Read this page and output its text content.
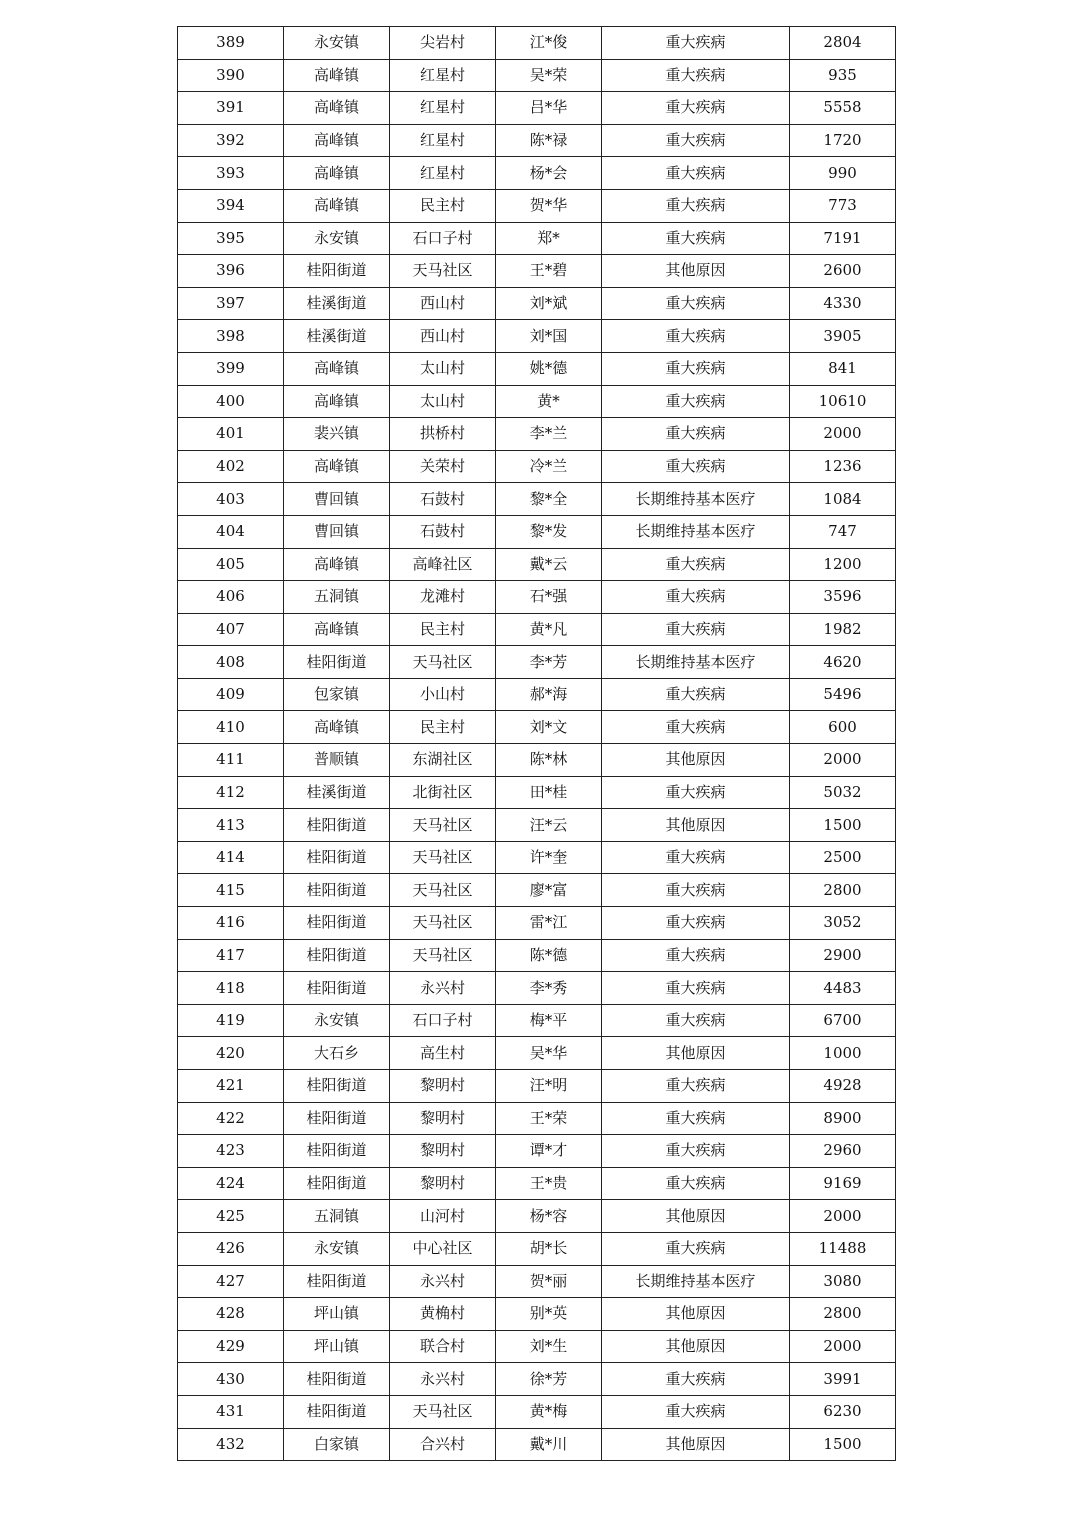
389	永安镇	尖岩村	江*俊	重大疾病	2804
390	高峰镇	红星村	吴*荣	重大疾病	935
391	高峰镇	红星村	吕*华	重大疾病	5558
392	高峰镇	红星村	陈*禄	重大疾病	1720
393	高峰镇	红星村	杨*会	重大疾病	990
394	高峰镇	民主村	贺*华	重大疾病	773
395	永安镇	石口子村	郑*	重大疾病	7191
396	桂阳街道	天马社区	王*碧	其他原因	2600
397	桂溪街道	西山村	刘*斌	重大疾病	4330
398	桂溪街道	西山村	刘*国	重大疾病	3905
399	高峰镇	太山村	姚*德	重大疾病	841
400	高峰镇	太山村	黄*	重大疾病	10610
401	裴兴镇	拱桥村	李*兰	重大疾病	2000
402	高峰镇	关荣村	冷*兰	重大疾病	1236
403	曹回镇	石鼓村	黎*全	长期维持基本医疗	1084
404	曹回镇	石鼓村	黎*发	长期维持基本医疗	747
405	高峰镇	高峰社区	戴*云	重大疾病	1200
406	五洞镇	龙滩村	石*强	重大疾病	3596
407	高峰镇	民主村	黄*凡	重大疾病	1982
408	桂阳街道	天马社区	李*芳	长期维持基本医疗	4620
409	包家镇	小山村	郝*海	重大疾病	5496
410	高峰镇	民主村	刘*文	重大疾病	600
411	普顺镇	东湖社区	陈*林	其他原因	2000
412	桂溪街道	北街社区	田*桂	重大疾病	5032
413	桂阳街道	天马社区	汪*云	其他原因	1500
414	桂阳街道	天马社区	许*奎	重大疾病	2500
415	桂阳街道	天马社区	廖*富	重大疾病	2800
416	桂阳街道	天马社区	雷*江	重大疾病	3052
417	桂阳街道	天马社区	陈*德	重大疾病	2900
418	桂阳街道	永兴村	李*秀	重大疾病	4483
419	永安镇	石口子村	梅*平	重大疾病	6700
420	大石乡	高生村	吴*华	其他原因	1000
421	桂阳街道	黎明村	汪*明	重大疾病	4928
422	桂阳街道	黎明村	王*荣	重大疾病	8900
423	桂阳街道	黎明村	谭*才	重大疾病	2960
424	桂阳街道	黎明村	王*贵	重大疾病	9169
425	五洞镇	山河村	杨*容	其他原因	2000
426	永安镇	中心社区	胡*长	重大疾病	11488
427	桂阳街道	永兴村	贺*丽	长期维持基本医疗	3080
428	坪山镇	黄桷村	别*英	其他原因	2800
429	坪山镇	联合村	刘*生	其他原因	2000
430	桂阳街道	永兴村	徐*芳	重大疾病	3991
431	桂阳街道	天马社区	黄*梅	重大疾病	6230
432	白家镇	合兴村	戴*川	其他原因	1500
